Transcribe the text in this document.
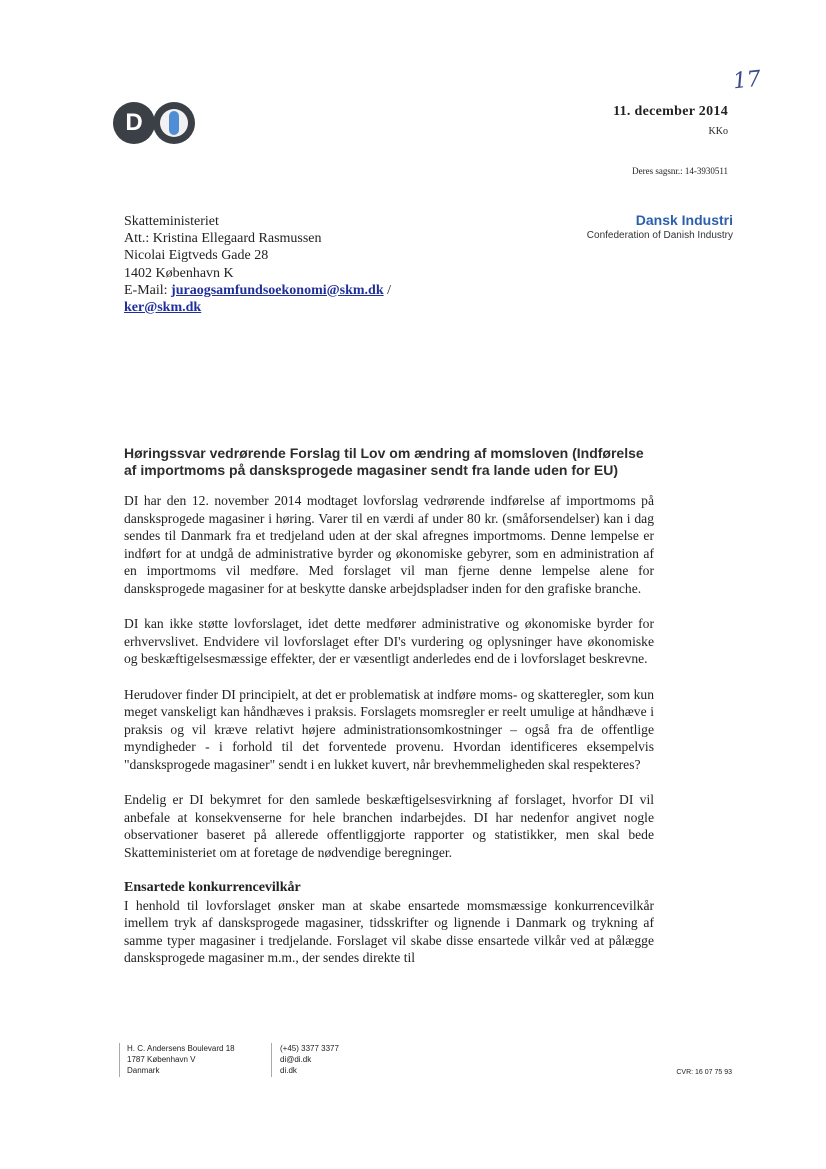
17
D	11. december 2014
KKo
Deres sagsnr.: 14-3930511
Skatteministeriet
Att.: Kristina Ellegaard Rasmussen
Nicolai Eigtveds Gade 28
1402 København K
E-Mail: juraogsamfundsoekonomi@skm.dk /
ker@skm.dk
Dansk Industri
Confederation of Danish Industry
Høringssvar vedrørende Forslag til Lov om ændring af momsloven (Indførelse af importmoms på dansksprogede magasiner sendt fra lande uden for EU)

DI har den 12. november 2014 modtaget lovforslag vedrørende indførelse af importmoms på dansksprogede magasiner i høring. Varer til en værdi af under 80 kr. (småforsendelser) kan i dag sendes til Danmark fra et tredjeland uden at der skal afregnes importmoms. Denne lempelse er indført for at undgå de administrative byrder og økonomiske gebyrer, som en administration af en importmoms vil medføre. Med forslaget vil man fjerne denne lempelse alene for dansksprogede magasiner for at beskytte danske arbejdspladser inden for den grafiske branche.

DI kan ikke støtte lovforslaget, idet dette medfører administrative og økonomiske byrder for erhvervslivet. Endvidere vil lovforslaget efter DI's vurdering og oplysninger have økonomiske og beskæftigelsesmæssige effekter, der er væsentligt anderledes end de i lovforslaget beskrevne.

Herudover finder DI principielt, at det er problematisk at indføre moms- og skatteregler, som kun meget vanskeligt kan håndhæves i praksis. Forslagets momsregler er reelt umulige at håndhæve i praksis og vil kræve relativt højere administrationsomkostninger – også fra de offentlige myndigheder - i forhold til det forventede provenu. Hvordan identificeres eksempelvis "dansksprogede magasiner" sendt i en lukket kuvert, når brevhemmeligheden skal respekteres?

Endelig er DI bekymret for den samlede beskæftigelsesvirkning af forslaget, hvorfor DI vil anbefale at konsekvenserne for hele branchen indarbejdes. DI har nedenfor angivet nogle observationer baseret på allerede offentliggjorte rapporter og statistikker, men skal bede Skatteministeriet om at foretage de nødvendige beregninger.

Ensartede konkurrencevilkår

I henhold til lovforslaget ønsker man at skabe ensartede momsmæssige konkurrencevilkår imellem tryk af dansksprogede magasiner, tidsskrifter og lignende i Danmark og trykning af samme typer magasiner i tredjelande. Forslaget vil skabe disse ensartede vilkår ved at pålægge dansksprogede magasiner m.m., der sendes direkte til

H. C. Andersens Boulevard 18
1787 København V
Danmark
(+45) 3377 3377
di@di.dk
di.dk	CVR: 16 07 75 93
